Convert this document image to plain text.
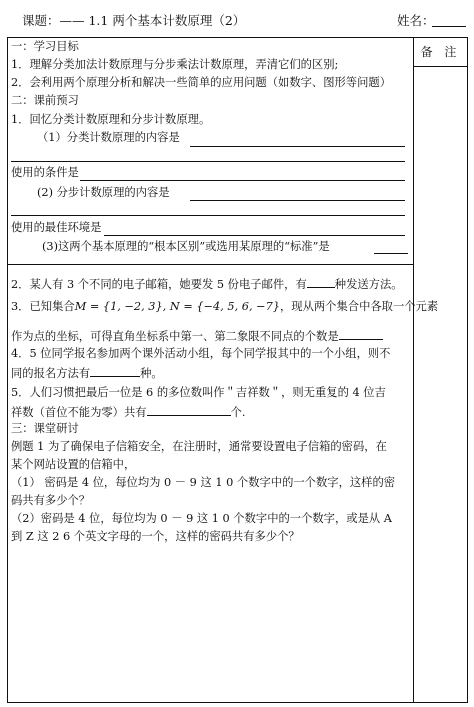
课题：—— 1.1 两个基本计数原理（2）	姓名：
备 注
一：学习目标
1．理解分类加法计数原理与分步乘法计数原理，弄清它们的区别;
2．会利用两个原理分析和解决一些简单的应用问题（如数字、图形等问题）
二：课前预习
1．回忆分类计数原理和分步计数原理。
（1）分类计数原理的内容是
使用的条件是
(2) 分步计数原理的内容是
使用的最佳环境是
(3)这两个基本原理的“根本区别”或选用某原理的“标准”是
2．某人有 3 个不同的电子邮箱，她要发 5 份电子邮件，有 种发送方法。
3．已知集合M = {1, −2, 3}, N = {−4, 5, 6, −7}，现从两个集合中各取一个元素
作为点的坐标，可得直角坐标系中第一、第二象限不同点的个数是
4．5 位同学报名参加两个课外活动小组，每个同学报其中的一个小组，则不
同的报名方法有	种。
5．人们习惯把最后一位是 6 的多位数叫作＂吉祥数＂，则无重复的 4 位吉
祥数（首位不能为零）共有	个.
三：课堂研讨
例题 1 为了确保电子信箱安全，在注册时，通常要设置电子信箱的密码，在
某个网站设置的信箱中，
（1） 密码是 4 位，每位均为 0 － 9 这 1 0 个数字中的一个数字，这样的密
码共有多少个？
（2）密码是 4 位，每位均为 0 － 9 这 1 0 个数字中的一个数字，或是从 A
到 Z 这 2 6 个英文字母的一个，这样的密码共有多少个？
